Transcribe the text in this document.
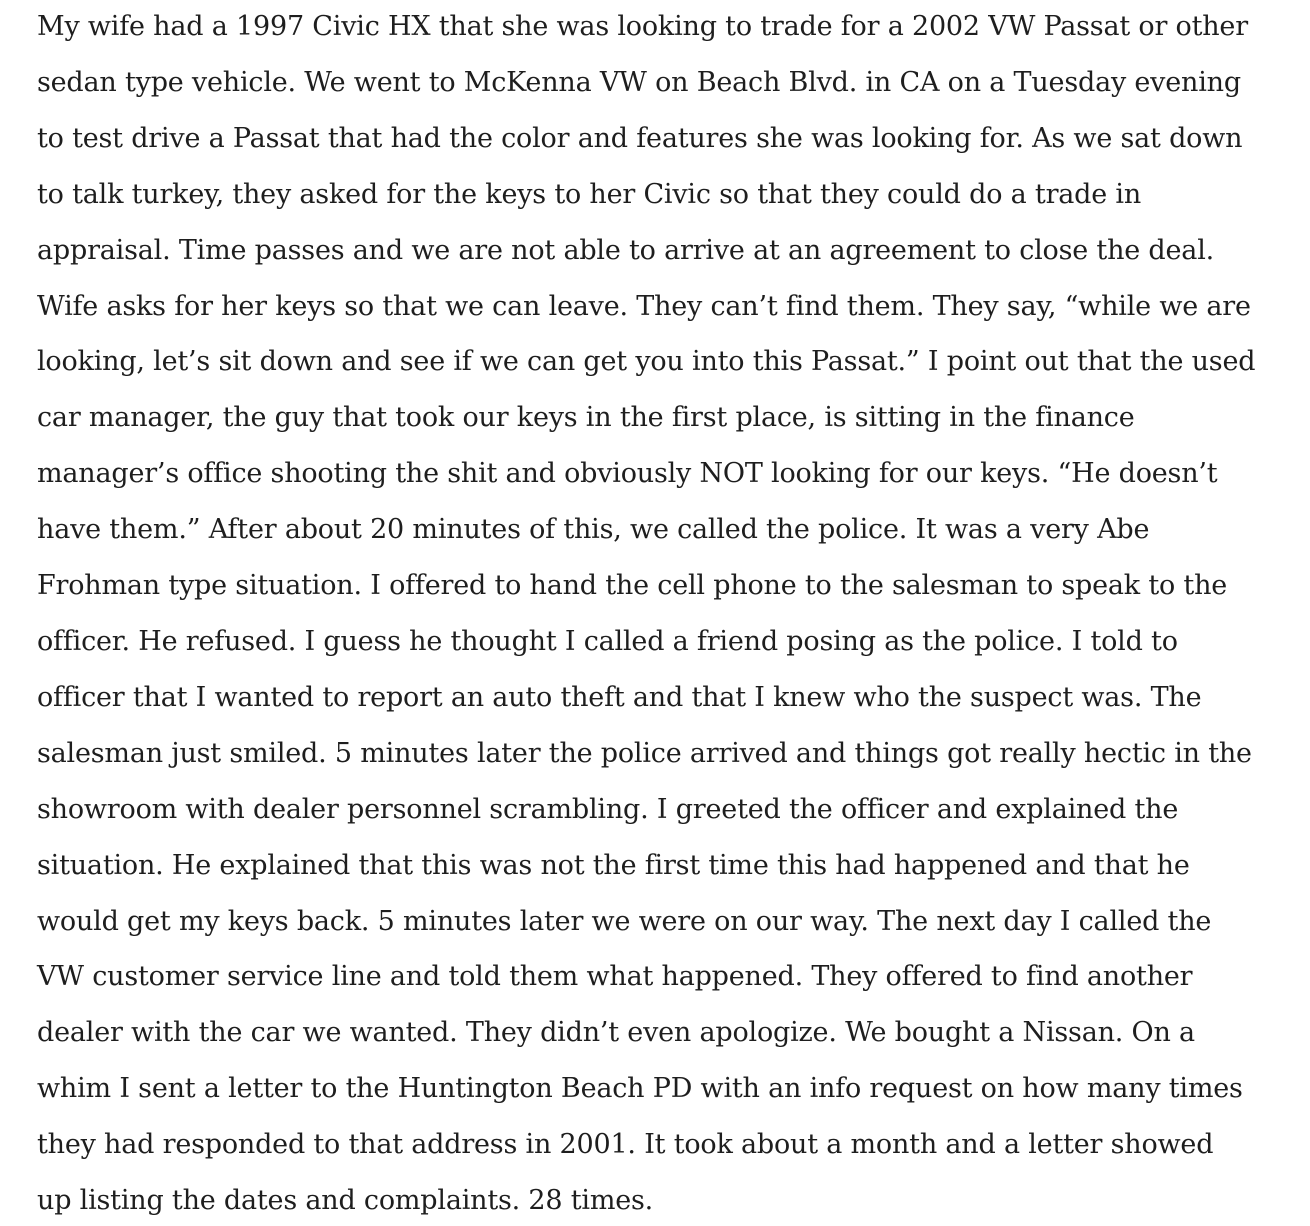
My wife had a 1997 Civic HX that she was looking to trade for a 2002 VW Passat or other

sedan type vehicle. We went to McKenna VW on Beach Blvd. in CA on a Tuesday evening

to test drive a Passat that had the color and features she was looking for. As we sat down

to talk turkey, they asked for the keys to her Civic so that they could do a trade in

appraisal. Time passes and we are not able to arrive at an agreement to close the deal.

Wife asks for her keys so that we can leave. They can’t find them. They say, “while we are

looking, let’s sit down and see if we can get you into this Passat.” I point out that the used

car manager, the guy that took our keys in the first place, is sitting in the finance

manager’s office shooting the shit and obviously NOT looking for our keys. “He doesn’t

have them.” After about 20 minutes of this, we called the police. It was a very Abe

Frohman type situation. I offered to hand the cell phone to the salesman to speak to the

officer. He refused. I guess he thought I called a friend posing as the police. I told to

officer that I wanted to report an auto theft and that I knew who the suspect was. The

salesman just smiled. 5 minutes later the police arrived and things got really hectic in the

showroom with dealer personnel scrambling. I greeted the officer and explained the

situation. He explained that this was not the first time this had happened and that he

would get my keys back. 5 minutes later we were on our way. The next day I called the

VW customer service line and told them what happened. They offered to find another

dealer with the car we wanted. They didn’t even apologize. We bought a Nissan. On a

whim I sent a letter to the Huntington Beach PD with an info request on how many times

they had responded to that address in 2001. It took about a month and a letter showed

up listing the dates and complaints. 28 times.
